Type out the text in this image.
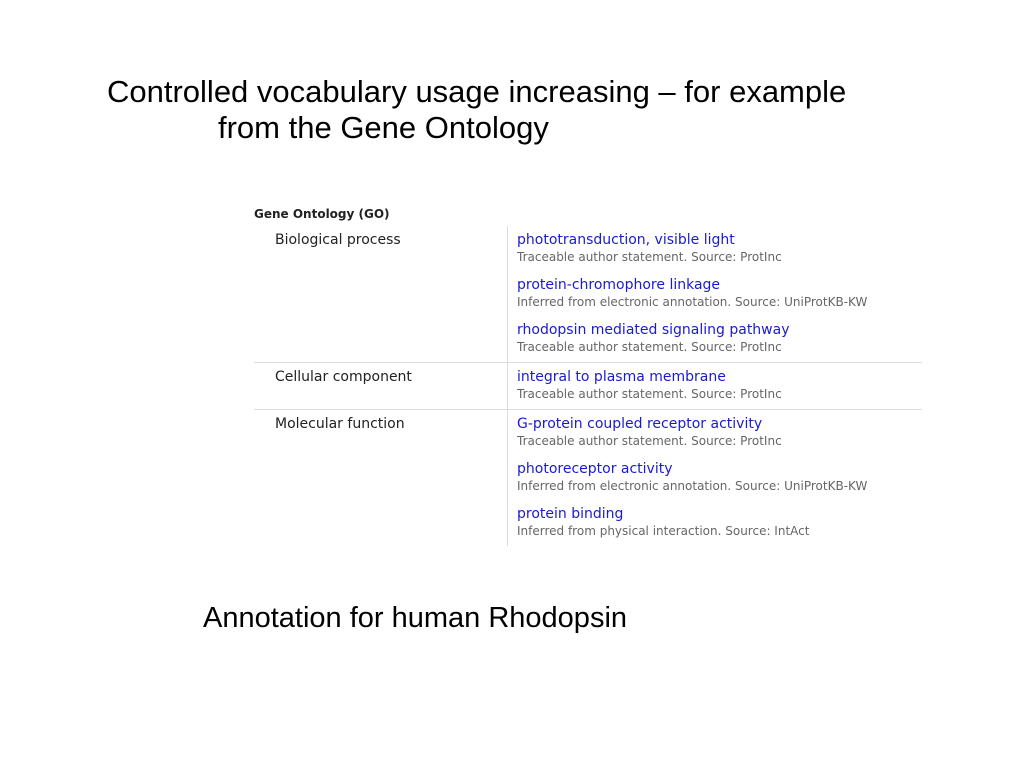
Controlled vocabulary usage increasing – for example
from the Gene Ontology
Gene Ontology (GO)
Biological process	phototransduction, visible light
Traceable author statement. Source: ProtInc
protein-chromophore linkage
Inferred from electronic annotation. Source: UniProtKB-KW
rhodopsin mediated signaling pathway
Traceable author statement. Source: ProtInc
Cellular component	integral to plasma membrane
Traceable author statement. Source: ProtInc
Molecular function	G-protein coupled receptor activity
Traceable author statement. Source: ProtInc
photoreceptor activity
Inferred from electronic annotation. Source: UniProtKB-KW
protein binding
Inferred from physical interaction. Source: IntAct
Annotation for human Rhodopsin
